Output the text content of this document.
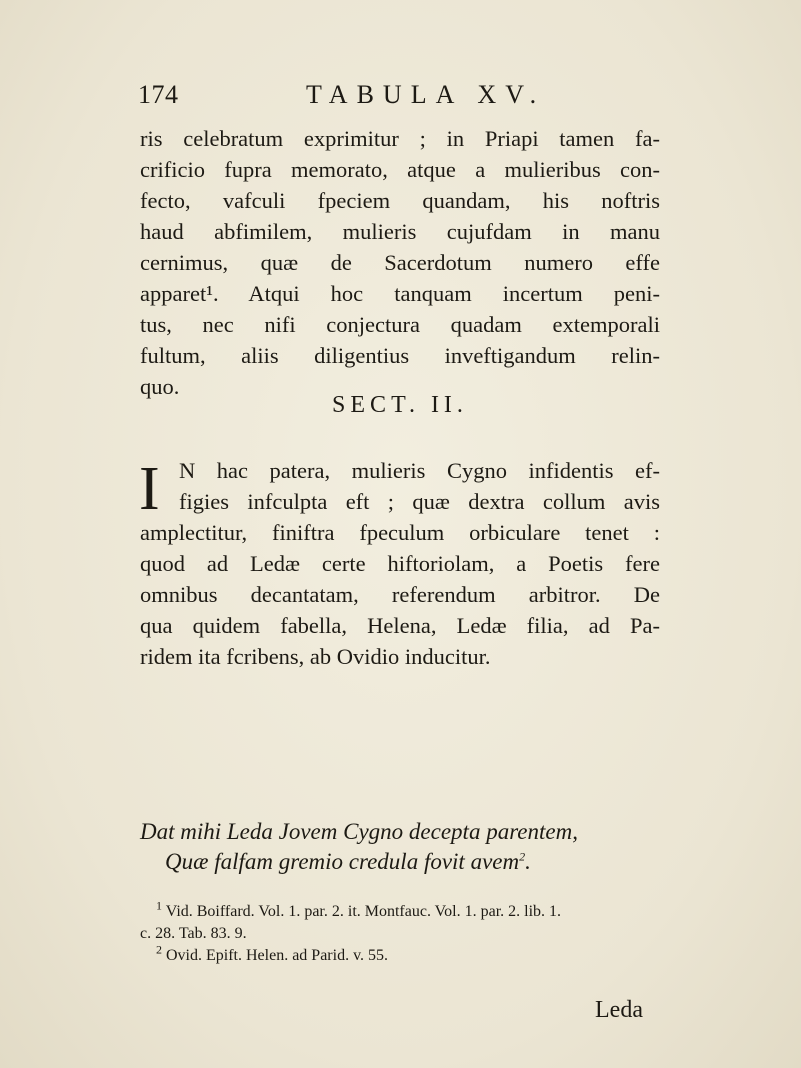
174	TABULA XV.

ris celebratum exprimitur ; in Priapi tamen fa-
crificio fupra memorato, atque a mulieribus con-
fecto, vafculi fpeciem quandam, his noftris
haud abfimilem, mulieris cujufdam in manu
cernimus, quæ de Sacerdotum numero effe
apparet¹. Atqui hoc tanquam incertum peni-
tus, nec nifi conjectura quadam extemporali
fultum, aliis diligentius inveftigandum relin-
quo.

SECT. II.
I N hac patera, mulieris Cygno infidentis ef-
figies infculpta eft ; quæ dextra collum avis
amplectitur, finiftra fpeculum orbiculare tenet :
quod ad Ledæ certe hiftoriolam, a Poetis fere
omnibus decantatam, referendum arbitror. De
qua quidem fabella, Helena, Ledæ filia, ad Pa-
ridem ita fcribens, ab Ovidio inducitur.

Dat mihi Leda Jovem Cygno decepta parentem,
Quæ falfam gremio credula fovit avem$^2$.
$^1$ Vid. Boiffard. Vol. 1. par. 2. it. Montfauc. Vol. 1. par. 2. lib. 1.
c. 28. Tab. 83. 9.
$^2$ Ovid. Epift. Helen. ad Parid. v. 55.
Leda
